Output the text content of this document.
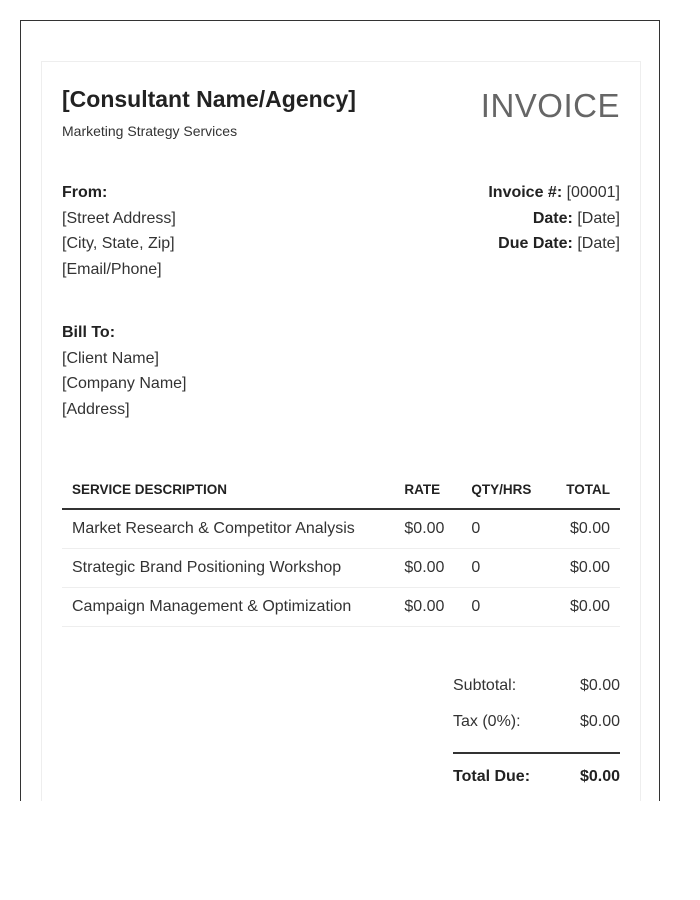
[Consultant Name/Agency]
Marketing Strategy Services
INVOICE
From:
[Street Address]
[City, State, Zip]
[Email/Phone]
Invoice #: [00001]
Date: [Date]
Due Date: [Date]
Bill To:
[Client Name]
[Company Name]
[Address]
SERVICE DESCRIPTION	RATE	QTY/HRS	TOTAL
Market Research & Competitor Analysis	$0.00	0	$0.00
Strategic Brand Positioning Workshop	$0.00	0	$0.00
Campaign Management & Optimization	$0.00	0	$0.00
Subtotal:	$0.00
Tax (0%):	$0.00
Total Due:	$0.00
